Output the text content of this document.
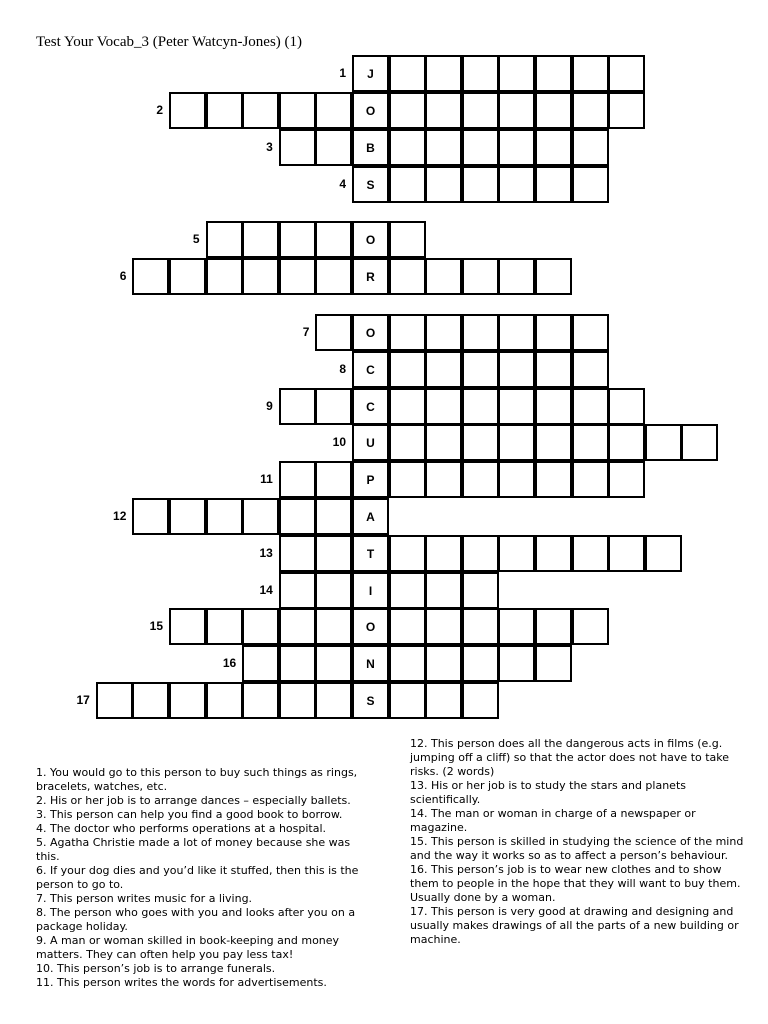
Test Your Vocab_3 (Peter Watcyn-Jones) (1)
1	J
2	O
3	B
4	S
5	O
6	R
7	O
8	C
9	C
10	U
11	P
12	A
13	T
14	I
15	O
16	N
17	S

1. You would go to this person to buy such things as rings, bracelets, watches, etc.

2. His or her job is to arrange dances – especially ballets.

3. This person can help you find a good book to borrow.

4. The doctor who performs operations at a hospital.

5. Agatha Christie made a lot of money because she was this.

6. If your dog dies and you’d like it stuffed, then this is the person to go to.

7. This person writes music for a living.

8. The person who goes with you and looks after you on a package holiday.

9. A man or woman skilled in book-keeping and money matters. They can often help you pay less tax!

10. This person’s job is to arrange funerals.

11. This person writes the words for advertisements.

12. This person does all the dangerous acts in films (e.g. jumping off a cliff) so that the actor does not have to take risks. (2 words)

13. His or her job is to study the stars and planets scientifically.

14. The man or woman in charge of a newspaper or magazine.

15. This person is skilled in studying the science of the mind and the way it works so as to affect a person’s behaviour.

16. This person’s job is to wear new clothes and to show them to people in the hope that they will want to buy them. Usually done by a woman.

17. This person is very good at drawing and designing and usually makes drawings of all the parts of a new building or machine.
